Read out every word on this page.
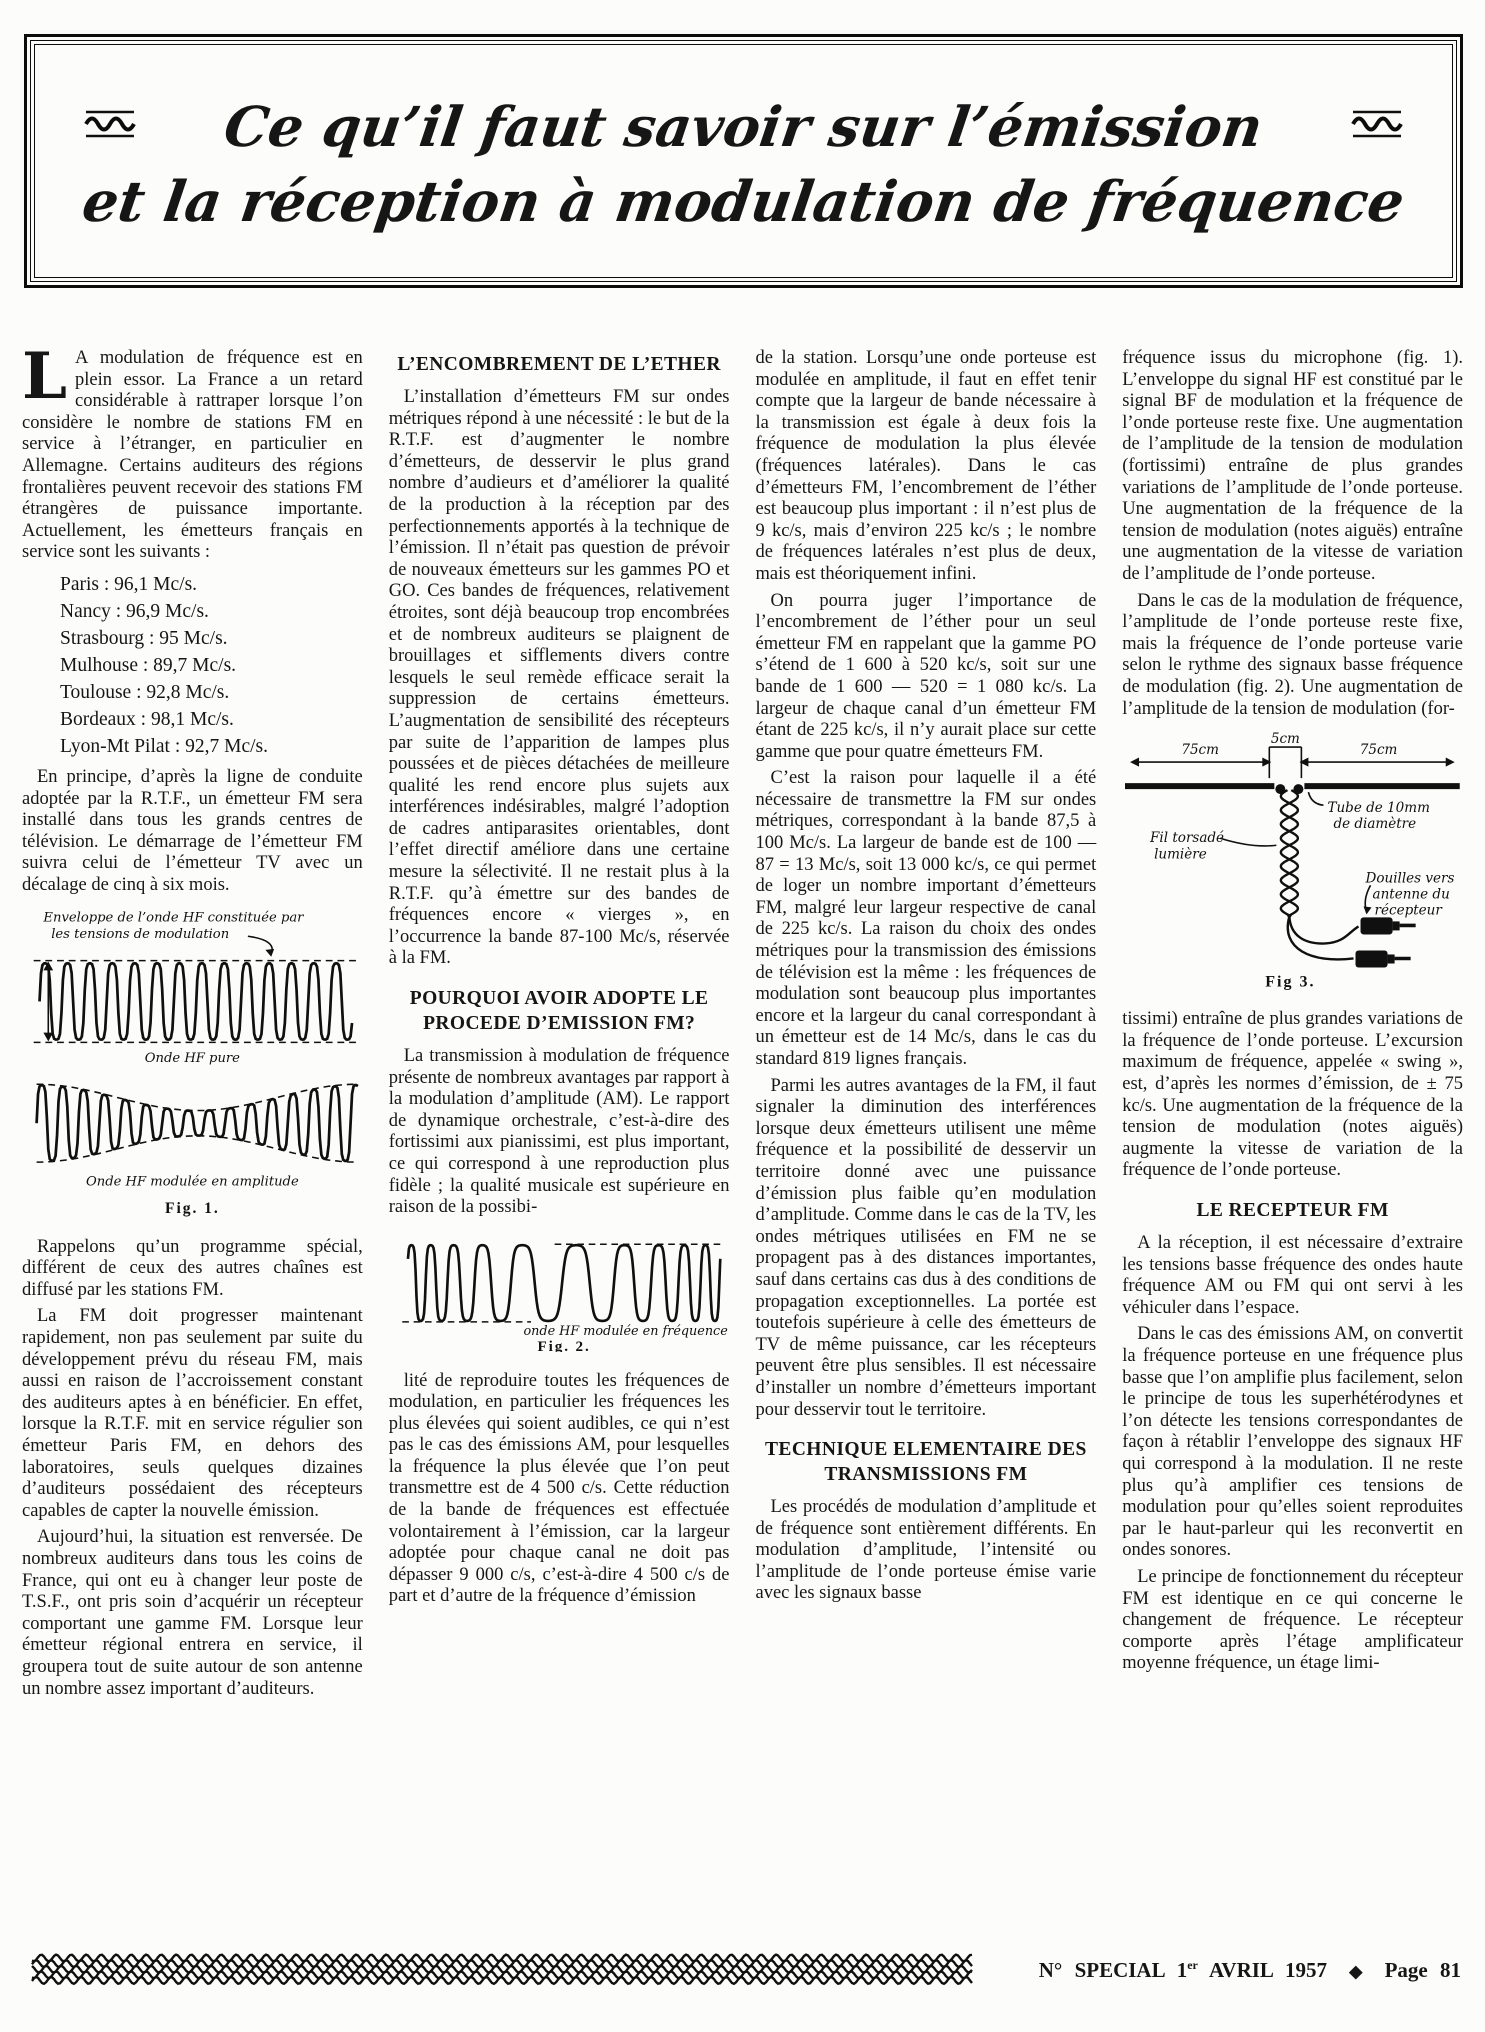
Ce qu’il faut savoir sur l’émission
et la réception à modulation de fréquence

L A modulation de fréquence est en plein essor. La France a un retard considérable à rattraper lorsque l’on considère le nombre de stations FM en service à l’étranger, en particulier en Allemagne. Certains auditeurs des régions frontalières peuvent recevoir des stations FM étrangères de puissance importante. Actuellement, les émetteurs français en service sont les suivants :

Paris : 96,1 Mc/s.
Nancy : 96,9 Mc/s.
Strasbourg : 95 Mc/s.
Mulhouse : 89,7 Mc/s.
Toulouse : 92,8 Mc/s.
Bordeaux : 98,1 Mc/s.
Lyon-Mt Pilat : 92,7 Mc/s.

En principe, d’après la ligne de conduite adoptée par la R.T.F., un émetteur FM sera installé dans tous les grands centres de télévision. Le démarrage de l’émetteur FM suivra celui de l’émetteur TV avec un décalage de cinq à six mois.

Enveloppe de l’onde HF constituée par
les tensions de modulation
Onde HF pure
Onde HF modulée en amplitude
Fig. 1.

Rappelons qu’un programme spécial, différent de ceux des autres chaînes est diffusé par les stations FM.

La FM doit progresser maintenant rapidement, non pas seulement par suite du développement prévu du réseau FM, mais aussi en raison de l’accroissement constant des auditeurs aptes à en bénéficier. En effet, lorsque la R.T.F. mit en service régulier son émetteur Paris FM, en dehors des laboratoires, seuls quelques dizaines d’auditeurs possédaient des récepteurs capables de capter la nouvelle émission.

Aujourd’hui, la situation est renversée. De nombreux auditeurs dans tous les coins de France, qui ont eu à changer leur poste de T.S.F., ont pris soin d’acquérir un récepteur comportant une gamme FM. Lorsque leur émetteur régional entrera en service, il groupera tout de suite autour de son antenne un nombre assez important d’auditeurs.

L’ENCOMBREMENT DE L’ETHER

L’installation d’émetteurs FM sur ondes métriques répond à une nécessité : le but de la R.T.F. est d’augmenter le nombre d’émetteurs, de desservir le plus grand nombre d’audieurs et d’améliorer la qualité de la production à la réception par des perfectionnements apportés à la technique de l’émission. Il n’était pas question de prévoir de nouveaux émetteurs sur les gammes PO et GO. Ces bandes de fréquences, relativement étroites, sont déjà beaucoup trop encombrées et de nombreux auditeurs se plaignent de brouillages et sifflements divers contre lesquels le seul remède efficace serait la suppression de certains émetteurs. L’augmentation de sensibilité des récepteurs par suite de l’apparition de lampes plus poussées et de pièces détachées de meilleure qualité les rend encore plus sujets aux interférences indésirables, malgré l’adoption de cadres antiparasites orientables, dont l’effet directif améliore dans une certaine mesure la sélectivité. Il ne restait plus à la R.T.F. qu’à émettre sur des bandes de fréquences encore « vierges », en l’occurrence la bande 87-100 Mc/s, réservée à la FM.

POURQUOI AVOIR ADOPTE LE PROCEDE D’EMISSION FM?

La transmission à modulation de fréquence présente de nombreux avantages par rapport à la modulation d’amplitude (AM). Le rapport de dynamique orchestrale, c’est-à-dire des fortissimi aux pianissimi, est plus important, ce qui correspond à une reproduction plus fidèle ; la qualité musicale est supérieure en raison de la possibi-

onde HF modulée en fréquence
Fig. 2.

lité de reproduire toutes les fréquences de modulation, en particulier les fréquences les plus élevées qui soient audibles, ce qui n’est pas le cas des émissions AM, pour lesquelles la fréquence la plus élevée que l’on peut transmettre est de 4 500 c/s. Cette réduction de la bande de fréquences est effectuée volontairement à l’émission, car la largeur adoptée pour chaque canal ne doit pas dépasser 9 000 c/s, c’est-à-dire 4 500 c/s de part et d’autre de la fréquence d’émission

de la station. Lorsqu’une onde porteuse est modulée en amplitude, il faut en effet tenir compte que la largeur de bande nécessaire à la transmission est égale à deux fois la fréquence de modulation la plus élevée (fréquences latérales). Dans le cas d’émetteurs FM, l’encombrement de l’éther est beaucoup plus important : il n’est plus de 9 kc/s, mais d’environ 225 kc/s ; le nombre de fréquences latérales n’est plus de deux, mais est théoriquement infini.

On pourra juger l’importance de l’encombrement de l’éther pour un seul émetteur FM en rappelant que la gamme PO s’étend de 1 600 à 520 kc/s, soit sur une bande de 1 600 — 520 = 1 080 kc/s. La largeur de chaque canal d’un émetteur FM étant de 225 kc/s, il n’y aurait place sur cette gamme que pour quatre émetteurs FM.

C’est la raison pour laquelle il a été nécessaire de transmettre la FM sur ondes métriques, correspondant à la bande 87,5 à 100 Mc/s. La largeur de bande est de 100 — 87 = 13 Mc/s, soit 13 000 kc/s, ce qui permet de loger un nombre important d’émetteurs FM, malgré leur largeur respective de canal de 225 kc/s. La raison du choix des ondes métriques pour la transmission des émissions de télévision est la même : les fréquences de modulation sont beaucoup plus importantes encore et la largeur du canal correspondant à un émetteur est de 14 Mc/s, dans le cas du standard 819 lignes français.

Parmi les autres avantages de la FM, il faut signaler la diminution des interférences lorsque deux émetteurs utilisent une même fréquence et la possibilité de desservir un territoire donné avec une puissance d’émission plus faible qu’en modulation d’amplitude. Comme dans le cas de la TV, les ondes métriques utilisées en FM ne se propagent pas à des distances importantes, sauf dans certains cas dus à des conditions de propagation exceptionnelles. La portée est toutefois supérieure à celle des émetteurs de TV de même puissance, car les récepteurs peuvent être plus sensibles. Il est nécessaire d’installer un nombre d’émetteurs important pour desservir tout le territoire.

TECHNIQUE ELEMENTAIRE DES TRANSMISSIONS FM

Les procédés de modulation d’amplitude et de fréquence sont entièrement différents. En modulation d’amplitude, l’intensité ou l’amplitude de l’onde porteuse émise varie avec les signaux basse

fréquence issus du microphone (fig. 1). L’enveloppe du signal HF est constitué par le signal BF de modulation et la fréquence de l’onde porteuse reste fixe. Une augmentation de l’amplitude de la tension de modulation (fortissimi) entraîne de plus grandes variations de l’amplitude de l’onde porteuse. Une augmentation de la fréquence de la tension de modulation (notes aiguës) entraîne une augmentation de la vitesse de variation de l’amplitude de l’onde porteuse.

Dans le cas de la modulation de fréquence, l’amplitude de l’onde porteuse reste fixe, mais la fréquence de l’onde porteuse varie selon le rythme des signaux basse fréquence de modulation (fig. 2). Une augmentation de l’amplitude de la tension de modulation (for-

75cm
5cm
75cm
Tube de 10mm
de diamètre
Fil torsadé
lumière
Douilles vers
antenne du
récepteur
Fig 3.

tissimi) entraîne de plus grandes variations de la fréquence de l’onde porteuse. L’excursion maximum de fréquence, appelée « swing », est, d’après les normes d’émission, de ± 75 kc/s. Une augmentation de la fréquence de la tension de modulation (notes aiguës) augmente la vitesse de variation de la fréquence de l’onde porteuse.

LE RECEPTEUR FM

A la réception, il est nécessaire d’extraire les tensions basse fréquence des ondes haute fréquence AM ou FM qui ont servi à les véhiculer dans l’espace.

Dans le cas des émissions AM, on convertit la fréquence porteuse en une fréquence plus basse que l’on amplifie plus facilement, selon le principe de tous les superhétérodynes et l’on détecte les tensions correspondantes de façon à rétablir l’enveloppe des signaux HF qui correspond à la modulation. Il ne reste plus qu’à amplifier ces tensions de modulation pour qu’elles soient reproduites par le haut-parleur qui les reconvertit en ondes sonores.

Le principe de fonctionnement du récepteur FM est identique en ce qui concerne le changement de fréquence. Le récepteur comporte après l’étage amplificateur moyenne fréquence, un étage limi-

N° SPECIAL 1er AVRIL 1957 ◆ Page 81
